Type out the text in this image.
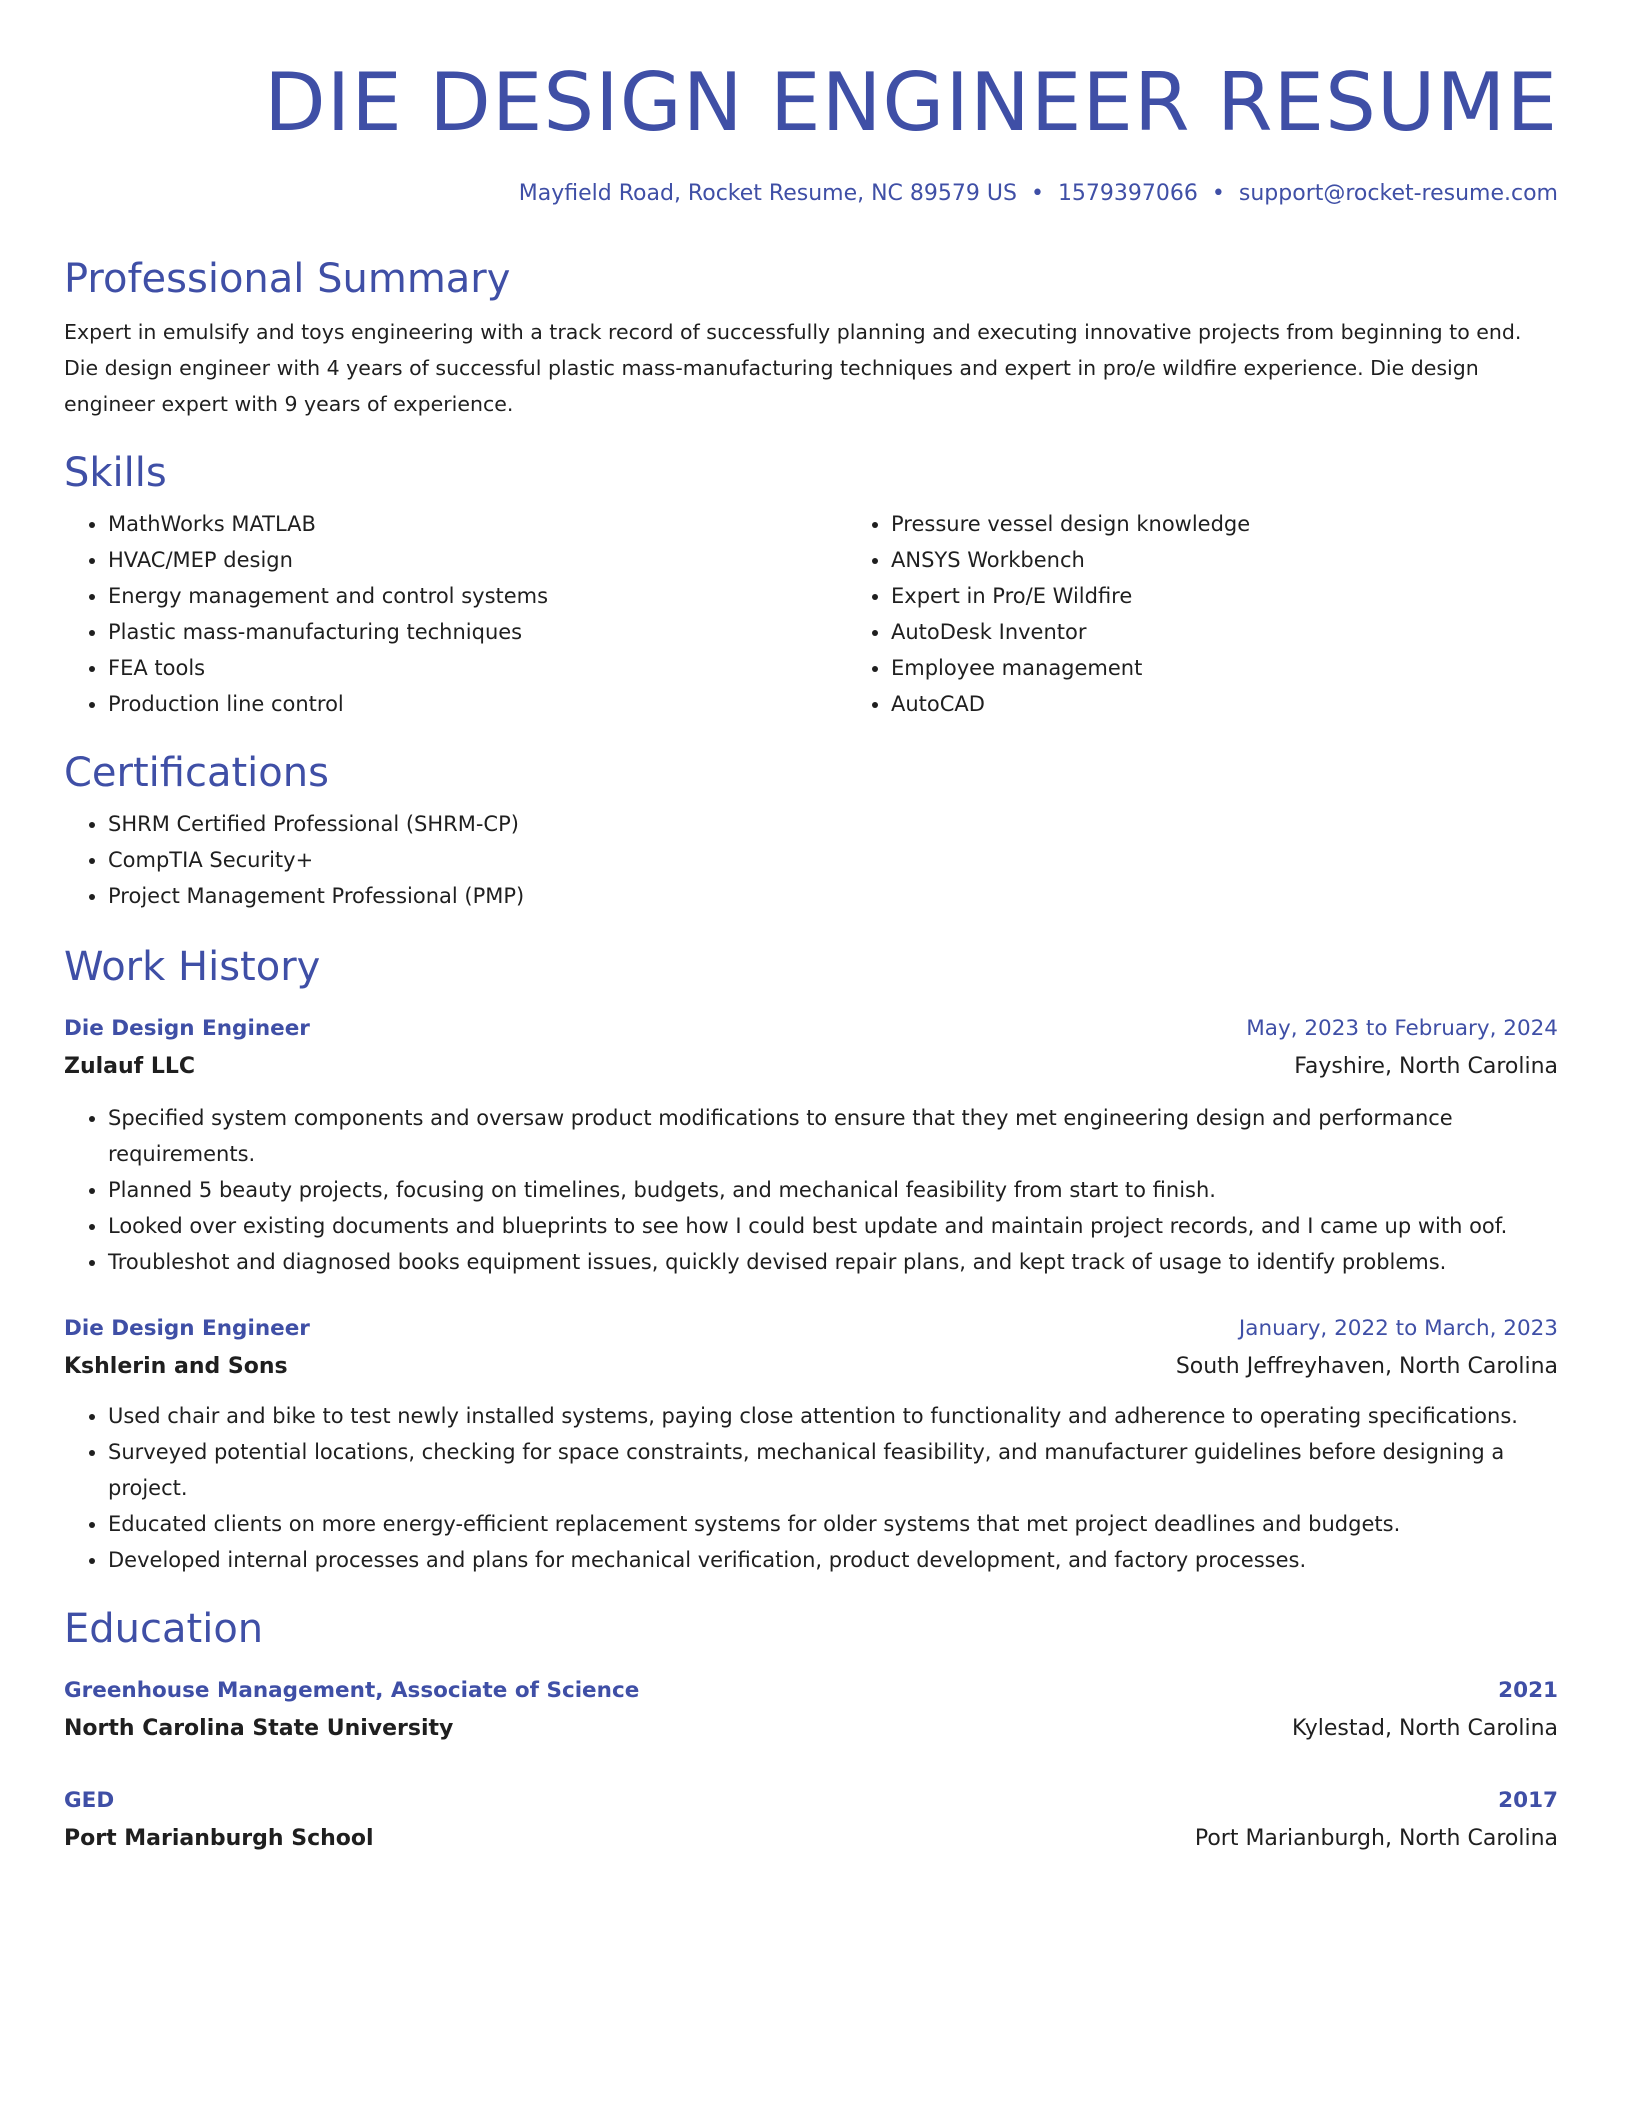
DIE DESIGN ENGINEER RESUME
Mayfield Road, Rocket Resume, NC 89579 US • 1579397066 • support@rocket-resume.com
Professional Summary

Expert in emulsify and toys engineering with a track record of successfully planning and executing innovative projects from beginning to end. Die design engineer with 4 years of successful plastic mass-manufacturing techniques and expert in pro/e wildfire experience. Die design engineer expert with 9 years of experience.

Skills
• MathWorks MATLAB
• HVAC/MEP design
• Energy management and control systems
• Plastic mass-manufacturing techniques
• FEA tools
• Production line control
• Pressure vessel design knowledge
• ANSYS Workbench
• Expert in Pro/E Wildfire
• AutoDesk Inventor
• Employee management
• AutoCAD
Certifications
• SHRM Certified Professional (SHRM-CP)
• CompTIA Security+
• Project Management Professional (PMP)
Work History
Die Design Engineer	May, 2023 to February, 2024
Zulauf LLC	Fayshire, North Carolina
• Specified system components and oversaw product modifications to ensure that they met engineering design and performance requirements.
• Planned 5 beauty projects, focusing on timelines, budgets, and mechanical feasibility from start to finish.
• Looked over existing documents and blueprints to see how I could best update and maintain project records, and I came up with oof.
• Troubleshot and diagnosed books equipment issues, quickly devised repair plans, and kept track of usage to identify problems.
Die Design Engineer	January, 2022 to March, 2023
Kshlerin and Sons	South Jeffreyhaven, North Carolina
• Used chair and bike to test newly installed systems, paying close attention to functionality and adherence to operating specifications.
• Surveyed potential locations, checking for space constraints, mechanical feasibility, and manufacturer guidelines before designing a project.
• Educated clients on more energy-efficient replacement systems for older systems that met project deadlines and budgets.
• Developed internal processes and plans for mechanical verification, product development, and factory processes.
Education
Greenhouse Management, Associate of Science	2021
North Carolina State University	Kylestad, North Carolina
GED	2017
Port Marianburgh School	Port Marianburgh, North Carolina
